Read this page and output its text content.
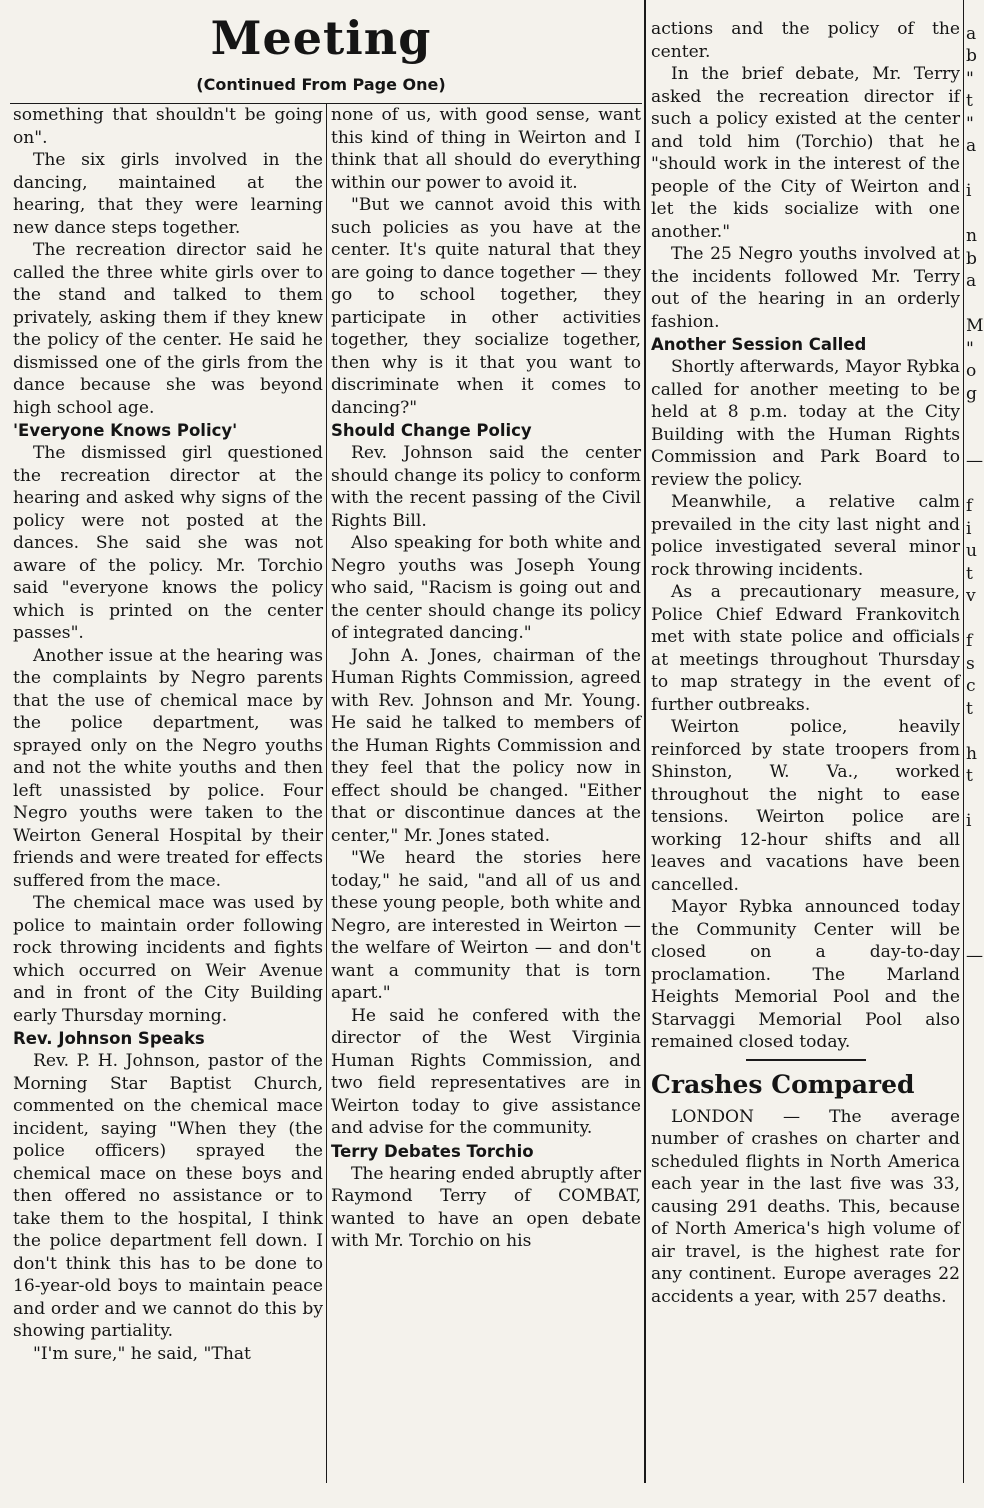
Meeting
(Continued From Page One)

something that shouldn't be going on".

The six girls involved in the dancing, maintained at the hearing, that they were learning new dance steps together.

The recreation director said he called the three white girls over to the stand and talked to them privately, asking them if they knew the policy of the center. He said he dismissed one of the girls from the dance because she was beyond high school age.

'Everyone Knows Policy'

The dismissed girl questioned the recreation director at the hearing and asked why signs of the policy were not posted at the dances. She said she was not aware of the policy. Mr. Torchio said "everyone knows the policy which is printed on the center passes".

Another issue at the hearing was the complaints by Negro parents that the use of chemical mace by the police department, was sprayed only on the Negro youths and not the white youths and then left unassisted by police. Four Negro youths were taken to the Weirton General Hospital by their friends and were treated for effects suffered from the mace.

The chemical mace was used by police to maintain order following rock throwing incidents and fights which occurred on Weir Avenue and in front of the City Building early Thursday morning.

Rev. Johnson Speaks

Rev. P. H. Johnson, pastor of the Morning Star Baptist Church, commented on the chemical mace incident, saying "When they (the police officers) sprayed the chemical mace on these boys and then offered no assistance or to take them to the hospital, I think the police department fell down. I don't think this has to be done to 16-year-old boys to maintain peace and order and we cannot do this by showing partiality.

"I'm sure," he said, "That

none of us, with good sense, want this kind of thing in Weirton and I think that all should do everything within our power to avoid it.

"But we cannot avoid this with such policies as you have at the center. It's quite natural that they are going to dance together — they go to school together, they participate in other activities together, they socialize together, then why is it that you want to discriminate when it comes to dancing?"

Should Change Policy

Rev. Johnson said the center should change its policy to conform with the recent passing of the Civil Rights Bill.

Also speaking for both white and Negro youths was Joseph Young who said, "Racism is going out and the center should change its policy of integrated dancing."

John A. Jones, chairman of the Human Rights Commission, agreed with Rev. Johnson and Mr. Young. He said he talked to members of the Human Rights Commission and they feel that the policy now in effect should be changed. "Either that or discontinue dances at the center," Mr. Jones stated.

"We heard the stories here today," he said, "and all of us and these young people, both white and Negro, are interested in Weirton — the welfare of Weirton — and don't want a community that is torn apart."

He said he confered with the director of the West Virginia Human Rights Commission, and two field representatives are in Weirton today to give assistance and advise for the community.

Terry Debates Torchio

The hearing ended abruptly after Raymond Terry of COMBAT, wanted to have an open debate with Mr. Torchio on his

actions and the policy of the center.

In the brief debate, Mr. Terry asked the recreation director if such a policy existed at the center and told him (Torchio) that he "should work in the interest of the people of the City of Weirton and let the kids socialize with one another."

The 25 Negro youths involved at the incidents followed Mr. Terry out of the hearing in an orderly fashion.

Another Session Called

Shortly afterwards, Mayor Rybka called for another meeting to be held at 8 p.m. today at the City Building with the Human Rights Commission and Park Board to review the policy.

Meanwhile, a relative calm prevailed in the city last night and police investigated several minor rock throwing incidents.

As a precautionary measure, Police Chief Edward Frankovitch met with state police and officials at meetings throughout Thursday to map strategy in the event of further outbreaks.

Weirton police, heavily reinforced by state troopers from Shinston, W. Va., worked throughout the night to ease tensions. Weirton police are working 12-hour shifts and all leaves and vacations have been cancelled.

Mayor Rybka announced today the Community Center will be closed on a day-to-day proclamation. The Marland Heights Memorial Pool and the Starvaggi Memorial Pool also remained closed today.

Crashes Compared

LONDON — The average number of crashes on charter and scheduled flights in North America each year in the last five was 33, causing 291 deaths. This, because of North America's high volume of air travel, is the highest rate for any continent. Europe averages 22 accidents a year, with 257 deaths.

a
b
"
t
"
a
i
n
b
a
M
"
o
g
—
f
i
u
t
v
f
s
c
t
h
t
i
—
